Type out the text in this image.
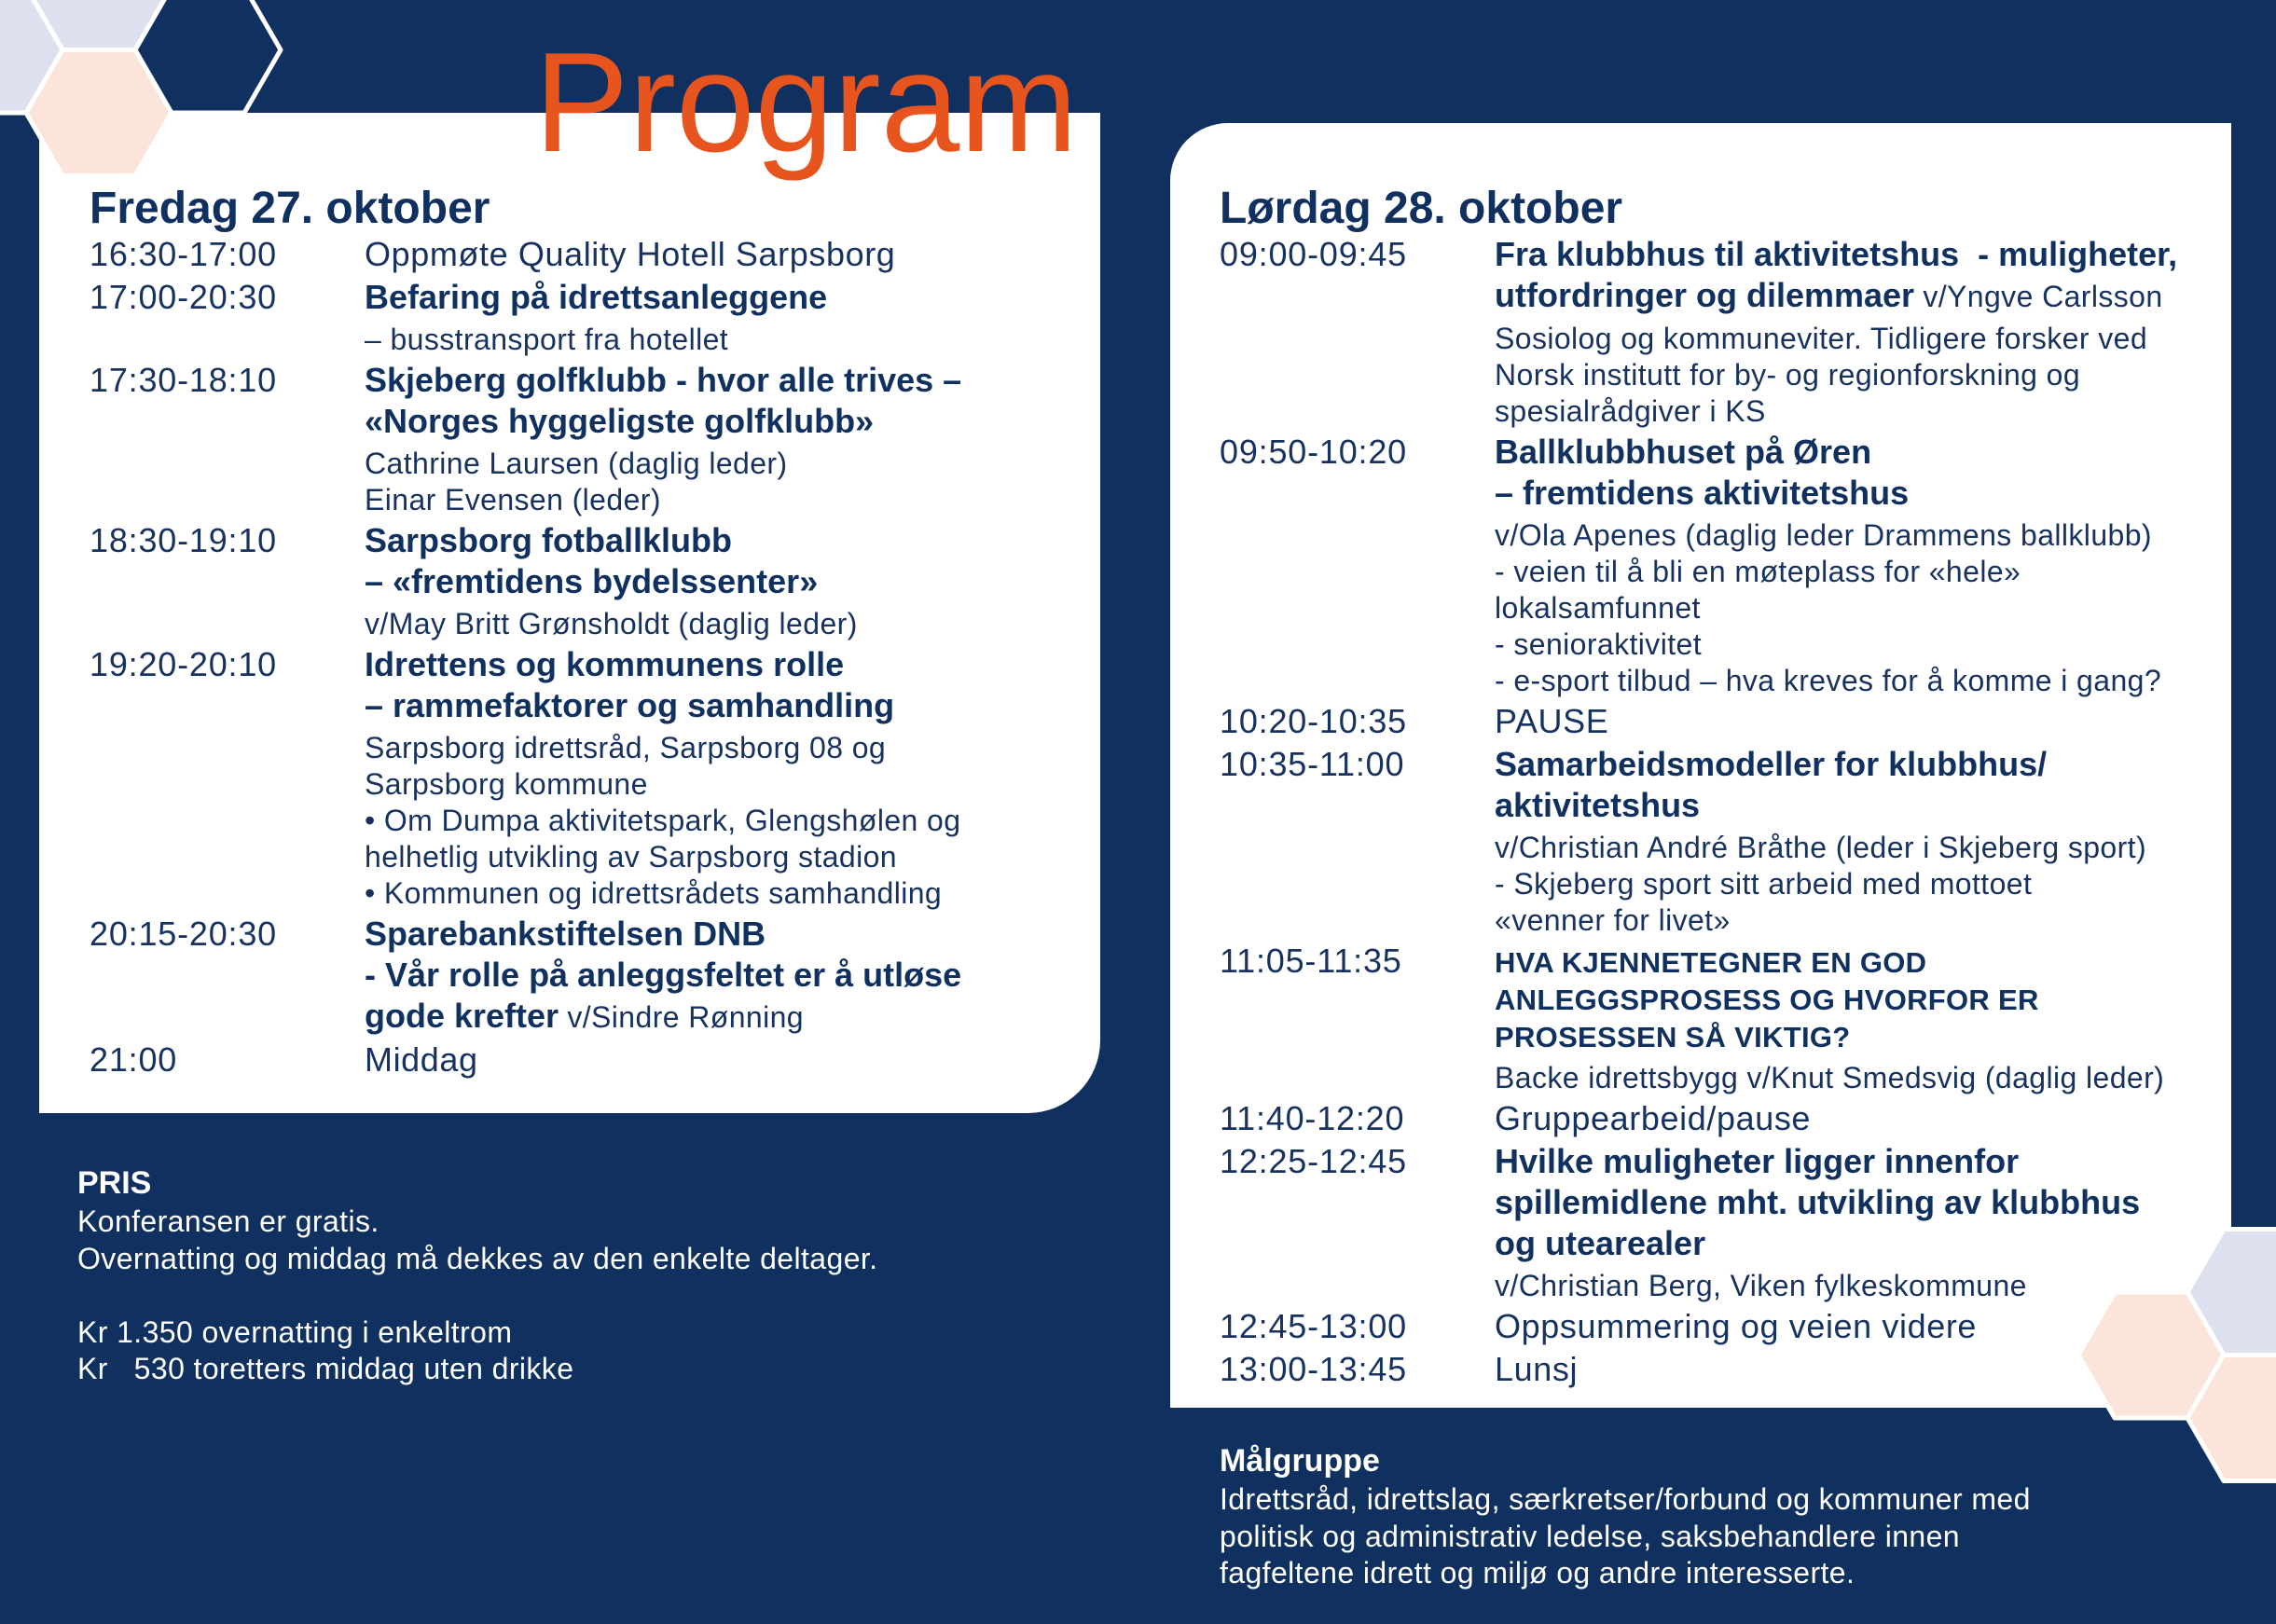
Program
Fredag 27. oktober
16:30-17:00	Oppmøte Quality Hotell Sarpsborg
17:00-20:30	Befaring på idrettsanleggene
– busstransport fra hotellet
17:30-18:10	Skjeberg golfklubb - hvor alle trives –
«Norges hyggeligste golfklubb»
Cathrine Laursen (daglig leder)
Einar Evensen (leder)
18:30-19:10	Sarpsborg fotballklubb
– «fremtidens bydelssenter»
v/May Britt Grønsholdt (daglig leder)
19:20-20:10	Idrettens og kommunens rolle
– rammefaktorer og samhandling
Sarpsborg idrettsråd, Sarpsborg 08 og
Sarpsborg kommune
• Om Dumpa aktivitetspark, Glengshølen og
helhetlig utvikling av Sarpsborg stadion
• Kommunen og idrettsrådets samhandling
20:15-20:30	Sparebankstiftelsen DNB
- Vår rolle på anleggsfeltet er å utløse
gode krefter v/Sindre Rønning
21:00	Middag
Lørdag 28. oktober
09:00-09:45	Fra klubbhus til aktivitetshus  - muligheter,
utfordringer og dilemmaer v/Yngve Carlsson
Sosiolog og kommuneviter. Tidligere forsker ved
Norsk institutt for by- og regionforskning og
spesialrådgiver i KS
09:50-10:20	Ballklubbhuset på Øren
– fremtidens aktivitetshus
v/Ola Apenes (daglig leder Drammens ballklubb)
- veien til å bli en møteplass for «hele»
lokalsamfunnet
- senioraktivitet
- e-sport tilbud – hva kreves for å komme i gang?
10:20-10:35	PAUSE
10:35-11:00	Samarbeidsmodeller for klubbhus/
aktivitetshus
v/Christian André Bråthe (leder i Skjeberg sport)
- Skjeberg sport sitt arbeid med mottoet
«venner for livet»
11:05-11:35	HVA KJENNETEGNER EN GOD
ANLEGGSPROSESS OG HVORFOR ER
PROSESSEN SÅ VIKTIG?
Backe idrettsbygg v/Knut Smedsvig (daglig leder)
11:40-12:20	Gruppearbeid/pause
12:25-12:45	Hvilke muligheter ligger innenfor
spillemidlene mht. utvikling av klubbhus
og utearealer
v/Christian Berg, Viken fylkeskommune
12:45-13:00	Oppsummering og veien videre
13:00-13:45	Lunsj
PRIS
Konferansen er gratis.
Overnatting og middag må dekkes av den enkelte deltager.
Kr 1.350 overnatting i enkeltrom
Kr   530 toretters middag uten drikke
Målgruppe
Idrettsråd, idrettslag, særkretser/forbund og kommuner med
politisk og administrativ ledelse, saksbehandlere innen
fagfeltene idrett og miljø og andre interesserte.
